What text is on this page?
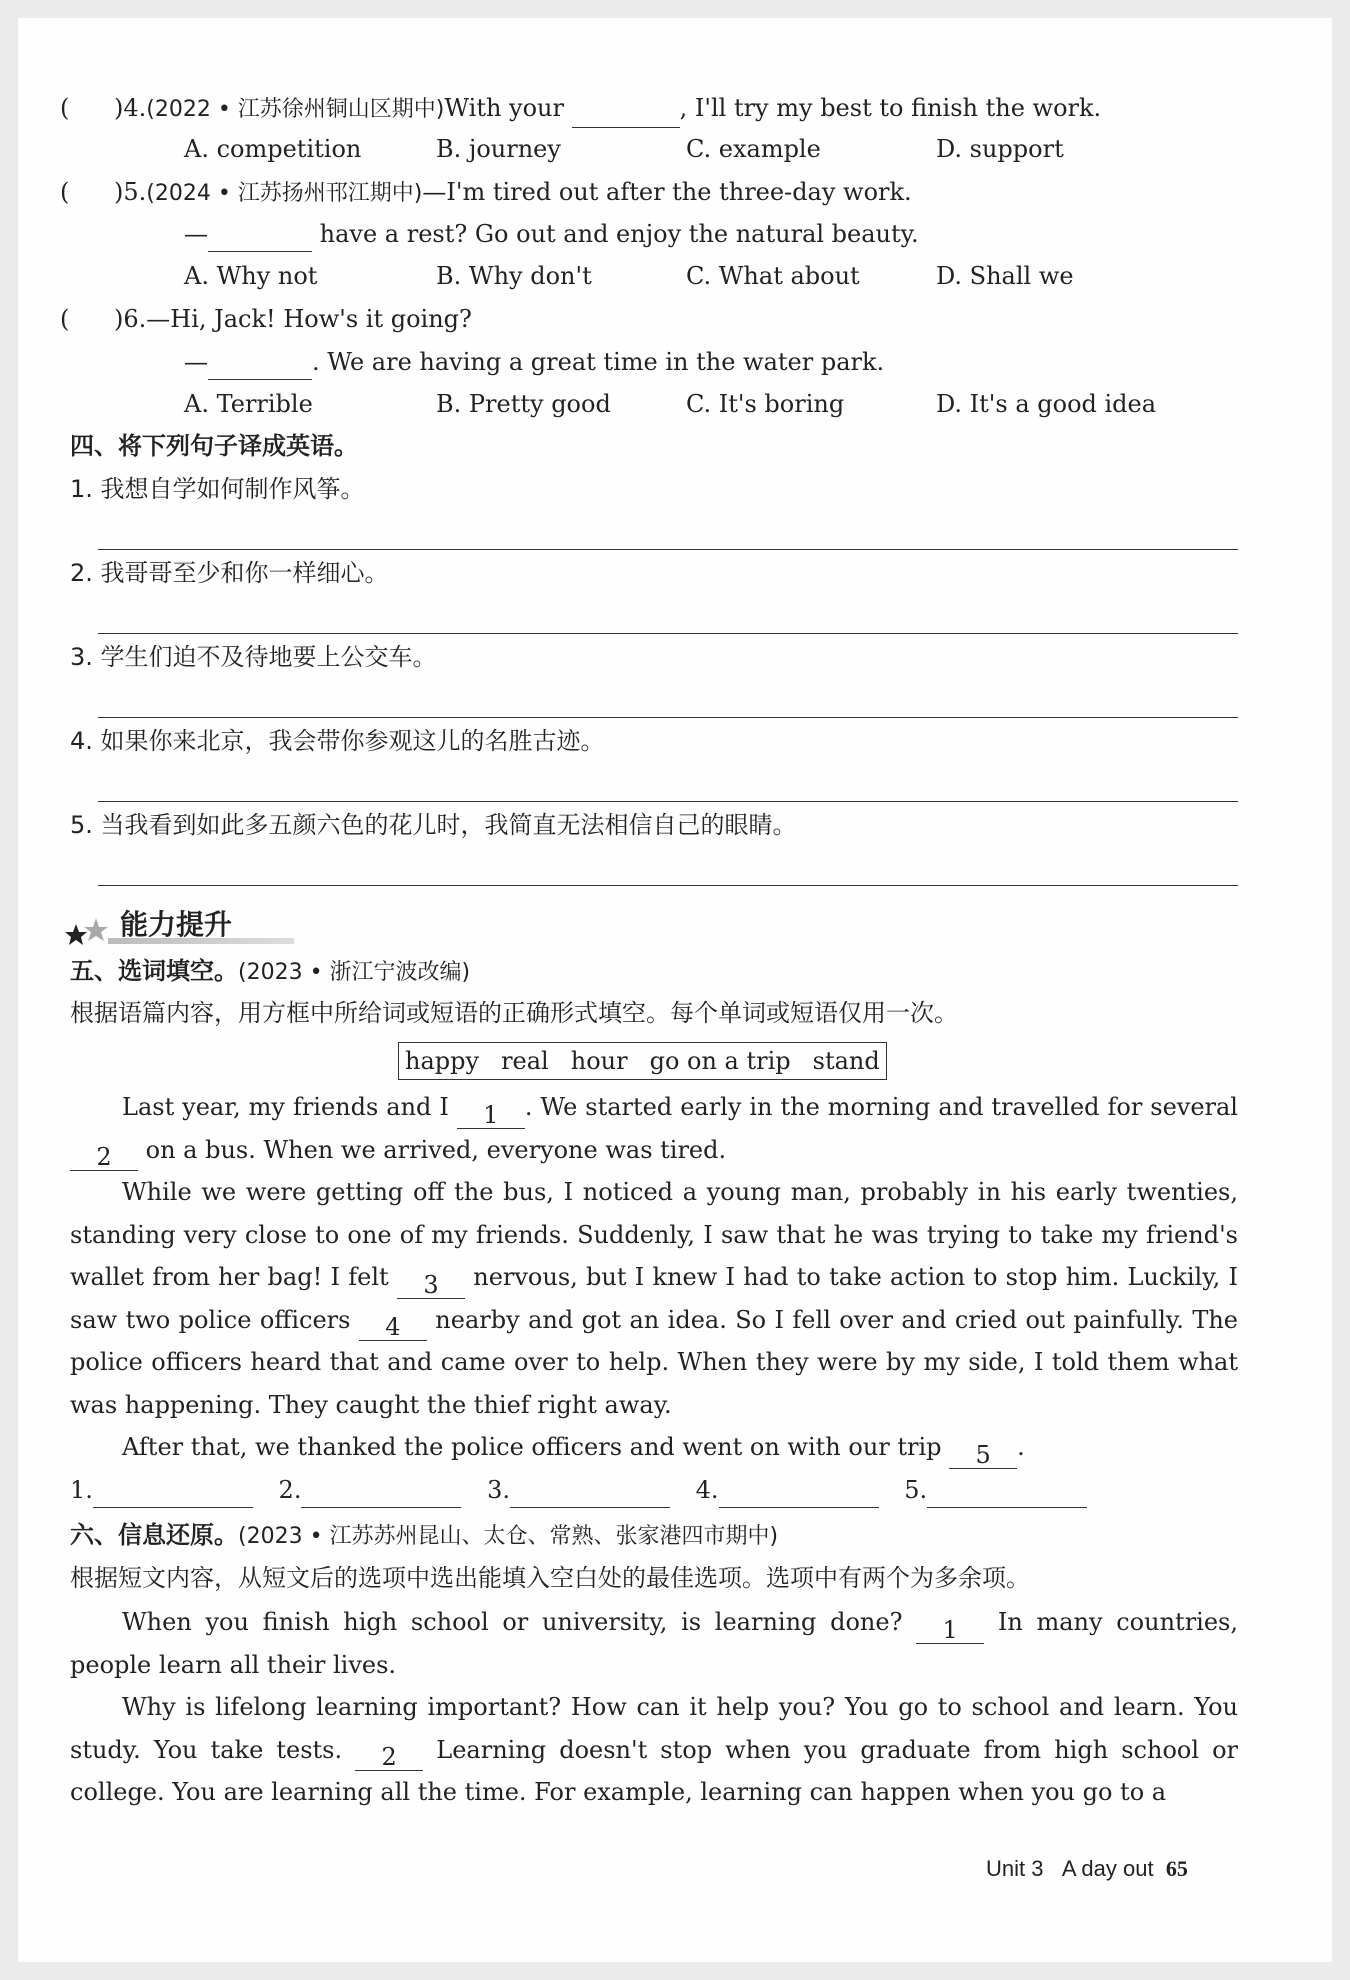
( )4.(2022 • 江苏徐州铜山区期中)With your	, I'll try my best to finish the work.
A. competition	B. journey	C. example	D. support
( )5.(2024 • 江苏扬州邗江期中)—I'm tired out after the three-day work.
—	have a rest? Go out and enjoy the natural beauty.
A. Why not	B. Why don't	C. What about	D. Shall we
( )6.—Hi, Jack! How's it going?
—	. We are having a great time in the water park.
A. Terrible	B. Pretty good	C. It's boring	D. It's a good idea
四、将下列句子译成英语。
1. 我想自学如何制作风筝。
2. 我哥哥至少和你一样细心。
3. 学生们迫不及待地要上公交车。
4. 如果你来北京，我会带你参观这儿的名胜古迹。
5. 当我看到如此多五颜六色的花儿时，我简直无法相信自己的眼睛。
能力提升
五、选词填空。(2023 • 浙江宁波改编)
根据语篇内容，用方框中所给词或短语的正确形式填空。每个单词或短语仅用一次。
happy real hour go on a trip stand
Last year, my friends and I 1 . We started early in the morning and travelled for several 2 on a bus. When we arrived, everyone was tired.
While we were getting off the bus, I noticed a young man, probably in his early twenties, standing very close to one of my friends. Suddenly, I saw that he was trying to take my friend's wallet from her bag! I felt 3 nervous, but I knew I had to take action to stop him. Luckily, I saw two police officers 4 nearby and got an idea. So I fell over and cried out painfully. The police officers heard that and came over to help. When they were by my side, I told them what was happening. They caught the thief right away.
After that, we thanked the police officers and went on with our trip 5 .
1.	2.	3.	4.	5.
六、信息还原。(2023 • 江苏苏州昆山、太仓、常熟、张家港四市期中)
根据短文内容，从短文后的选项中选出能填入空白处的最佳选项。选项中有两个为多余项。
When you finish high school or university, is learning done? 1 In many countries, people learn all their lives.
Why is lifelong learning important? How can it help you? You go to school and learn. You study. You take tests. 2 Learning doesn't stop when you graduate from high school or college. You are learning all the time. For example, learning can happen when you go to a
Unit 3 A day out 65
